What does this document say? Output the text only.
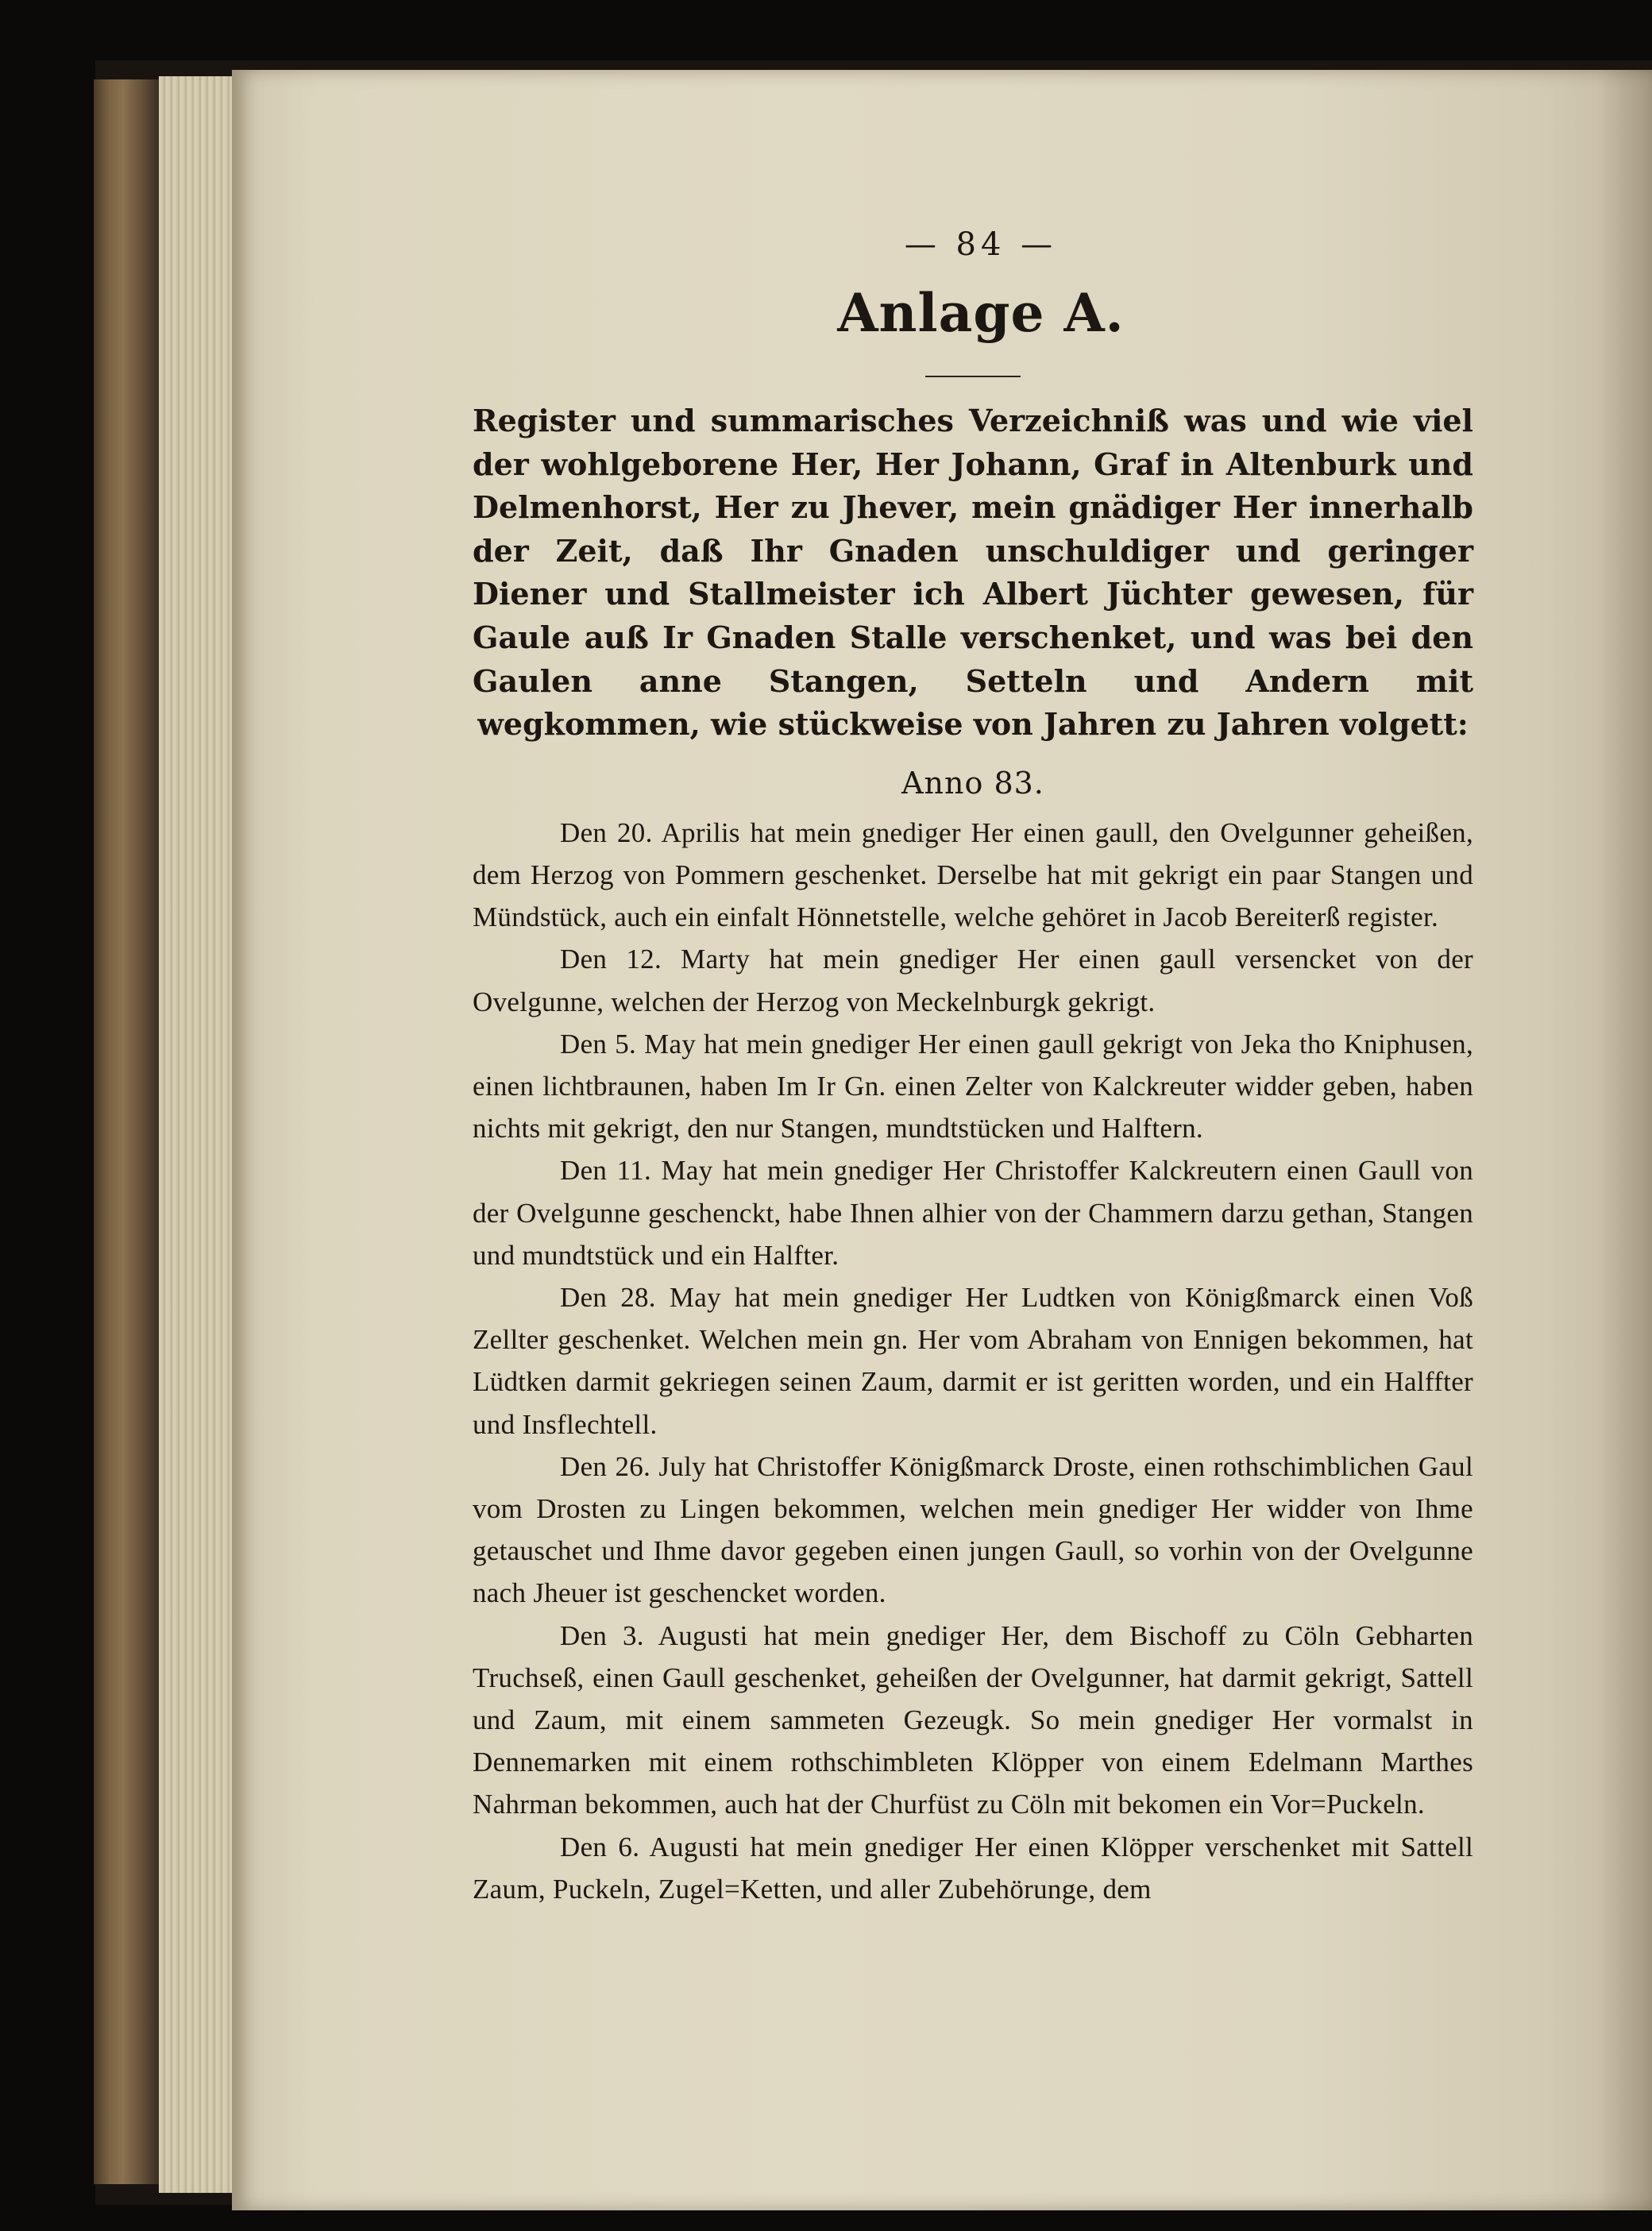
— 84 —
Anlage A.

Register und summarisches Verzeichniß was und wie viel der wohlgeborene Her, Her Johann, Graf in Altenburk und Delmenhorst, Her zu Jhever, mein gnädiger Her innerhalb der Zeit, daß Ihr Gnaden unschuldiger und geringer Diener und Stallmeister ich Albert Jüchter gewesen, für Gaule auß Ir Gnaden Stalle verschenket, und was bei den Gaulen anne Stangen, Setteln und Andern mit wegkommen, wie stückweise von Jahren zu Jahren volgett:

Anno 83.

Den 20. Aprilis hat mein gnediger Her einen gaull, den Ovelgunner geheißen, dem Herzog von Pommern geschenket. Derselbe hat mit gekrigt ein paar Stangen und Mündstück, auch ein einfalt Hönnetstelle, welche gehöret in Jacob Bereiterß register.

Den 12. Marty hat mein gnediger Her einen gaull versencket von der Ovelgunne, welchen der Herzog von Meckelnburgk gekrigt.

Den 5. May hat mein gnediger Her einen gaull gekrigt von Jeka tho Kniphusen, einen lichtbraunen, haben Im Ir Gn. einen Zelter von Kalckreuter widder geben, haben nichts mit gekrigt, den nur Stangen, mundtstücken und Halftern.

Den 11. May hat mein gnediger Her Christoffer Kalckreutern einen Gaull von der Ovelgunne geschenckt, habe Ihnen alhier von der Chammern darzu gethan, Stangen und mundtstück und ein Halfter.

Den 28. May hat mein gnediger Her Ludtken von Königßmarck einen Voß Zellter geschenket. Welchen mein gn. Her vom Abraham von Ennigen bekommen, hat Lüdtken darmit gekriegen seinen Zaum, darmit er ist geritten worden, und ein Halffter und Insflechtell.

Den 26. July hat Christoffer Königßmarck Droste, einen rothschimblichen Gaul vom Drosten zu Lingen bekommen, welchen mein gnediger Her widder von Ihme getauschet und Ihme davor gegeben einen jungen Gaull, so vorhin von der Ovelgunne nach Jheuer ist geschencket worden.

Den 3. Augusti hat mein gnediger Her, dem Bischoff zu Cöln Gebharten Truchseß, einen Gaull geschenket, geheißen der Ovelgunner, hat darmit gekrigt, Sattell und Zaum, mit einem sammeten Gezeugk. So mein gnediger Her vormalst in Dennemarken mit einem rothschimbleten Klöpper von einem Edelmann Marthes Nahrman bekommen, auch hat der Churfüst zu Cöln mit bekomen ein Vor=Puckeln.

Den 6. Augusti hat mein gnediger Her einen Klöpper verschenket mit Sattell Zaum, Puckeln, Zugel=Ketten, und aller Zubehörunge, dem
